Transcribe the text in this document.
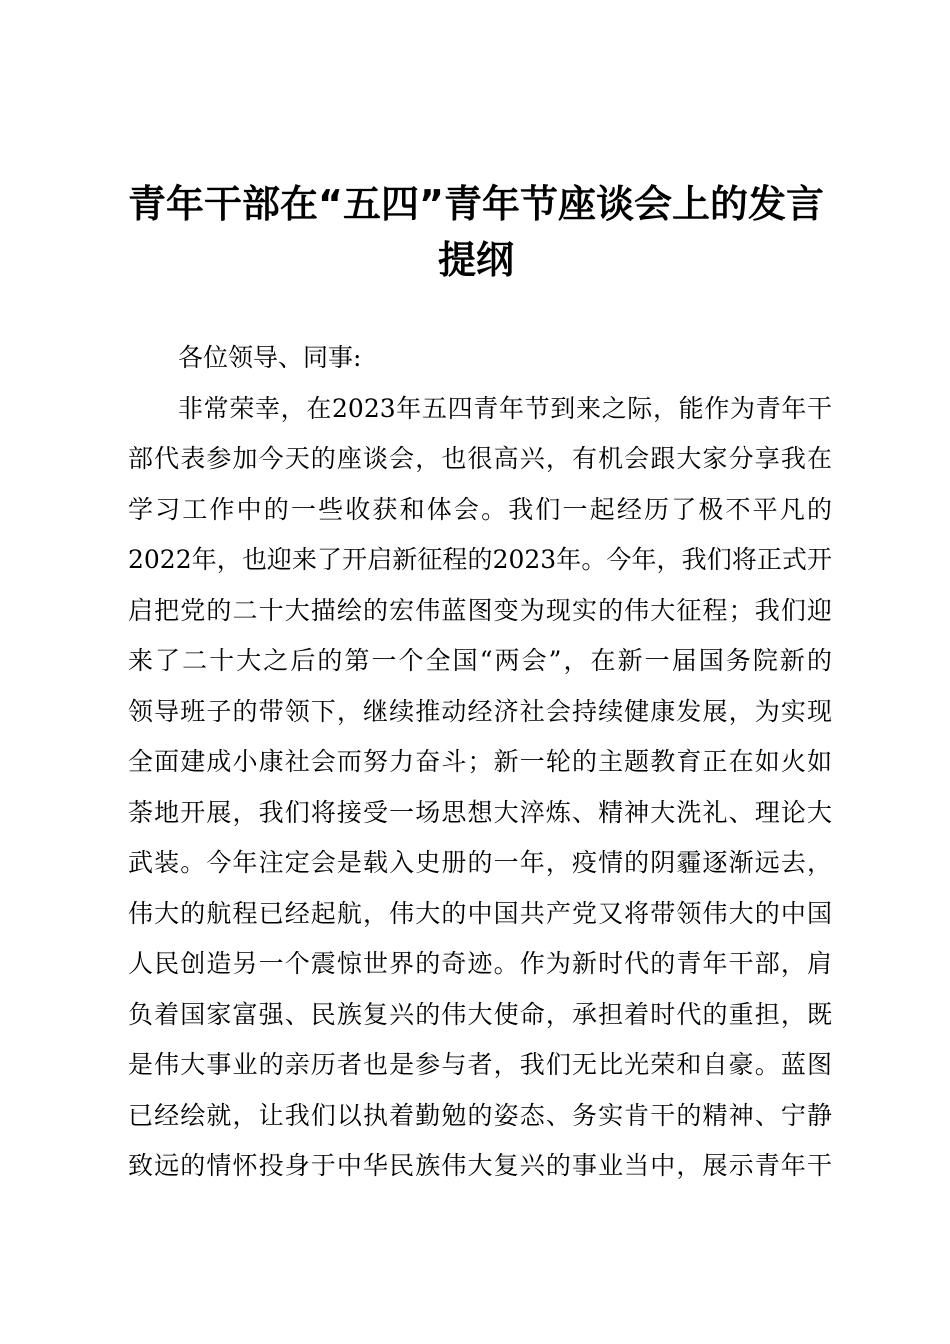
青年干部在“五四”青年节座谈会上的发言提纲
各位领导、同事:
非常荣幸，在2023年五四青年节到来之际，能作为青年干
部代表参加今天的座谈会，也很高兴，有机会跟大家分享我在
学习工作中的一些收获和体会。我们一起经历了极不平凡的
2022年，也迎来了开启新征程的2023年。今年，我们将正式开
启把党的二十大描绘的宏伟蓝图变为现实的伟大征程；我们迎
来了二十大之后的第一个全国“两会”，在新一届国务院新的
领导班子的带领下，继续推动经济社会持续健康发展，为实现
全面建成小康社会而努力奋斗；新一轮的主题教育正在如火如
荼地开展，我们将接受一场思想大淬炼、精神大洗礼、理论大
武装。今年注定会是载入史册的一年，疫情的阴霾逐渐远去，
伟大的航程已经起航，伟大的中国共产党又将带领伟大的中国
人民创造另一个震惊世界的奇迹。作为新时代的青年干部，肩
负着国家富强、民族复兴的伟大使命，承担着时代的重担，既
是伟大事业的亲历者也是参与者，我们无比光荣和自豪。蓝图
已经绘就，让我们以执着勤勉的姿态、务实肯干的精神、宁静
致远的情怀投身于中华民族伟大复兴的事业当中，展示青年干
